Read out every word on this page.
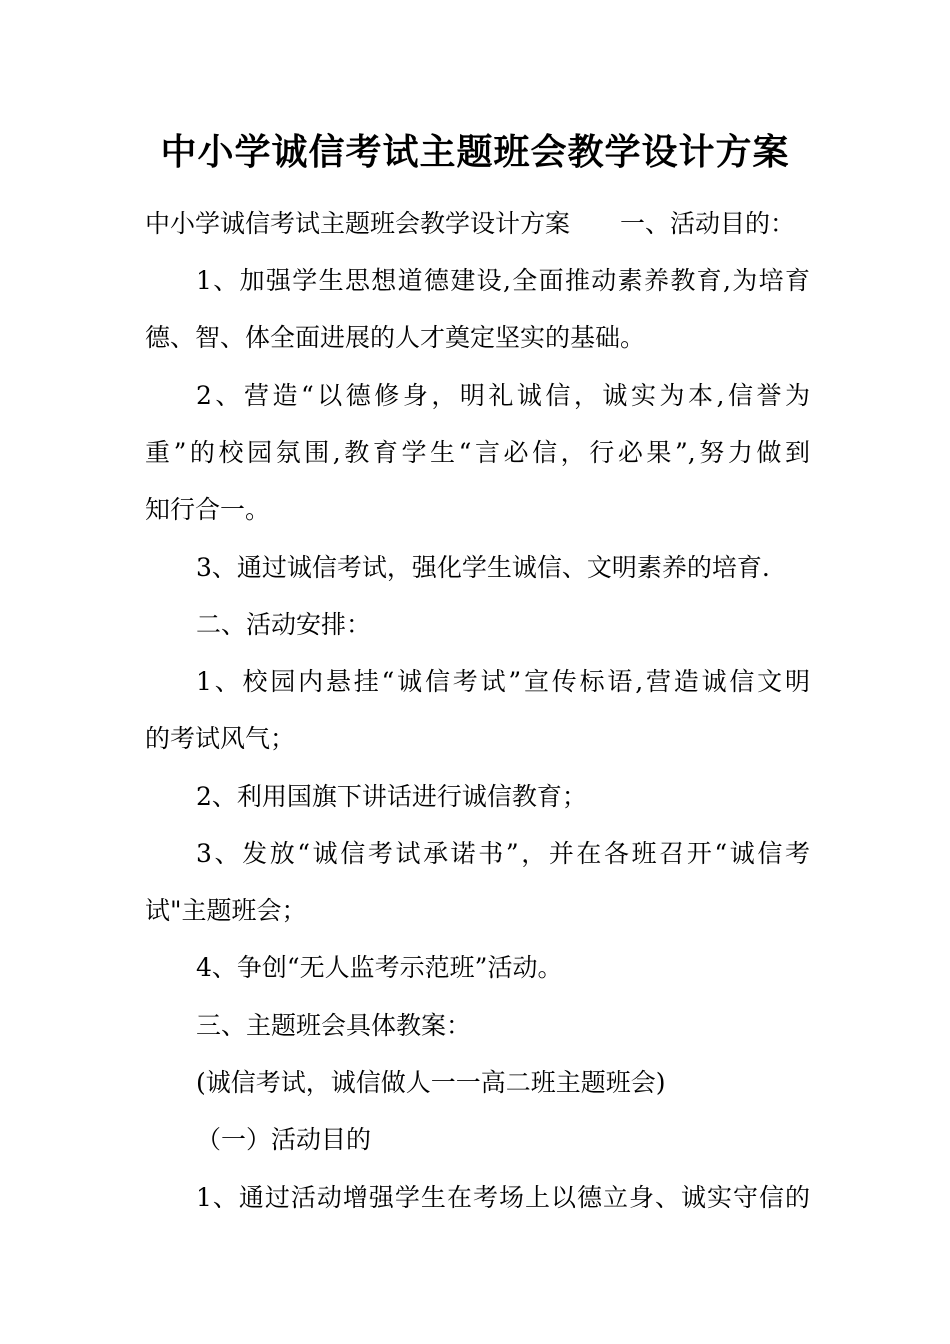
中小学诚信考试主题班会教学设计方案
中小学诚信考试主题班会教学设计方案 一、活动目的：
1、加强学生思想道德建设,全面推动素养教育,为培育
德、智、体全面进展的人才奠定坚实的基础。
2、营造“以德修身，明礼诚信，诚实为本,信誉为
重”的校园氛围,教育学生“言必信，行必果”,努力做到
知行合一。
3、通过诚信考试，强化学生诚信、文明素养的培育.
二、活动安排：
1、校园内悬挂“诚信考试”宣传标语,营造诚信文明
的考试风气；
2、利用国旗下讲话进行诚信教育；
3、发放“诚信考试承诺书”，并在各班召开“诚信考
试"主题班会；
4、争创“无人监考示范班”活动。
三、主题班会具体教案：
(诚信考试，诚信做人一一高二班主题班会)
（一）活动目的
1、通过活动增强学生在考场上以德立身、诚实守信的
